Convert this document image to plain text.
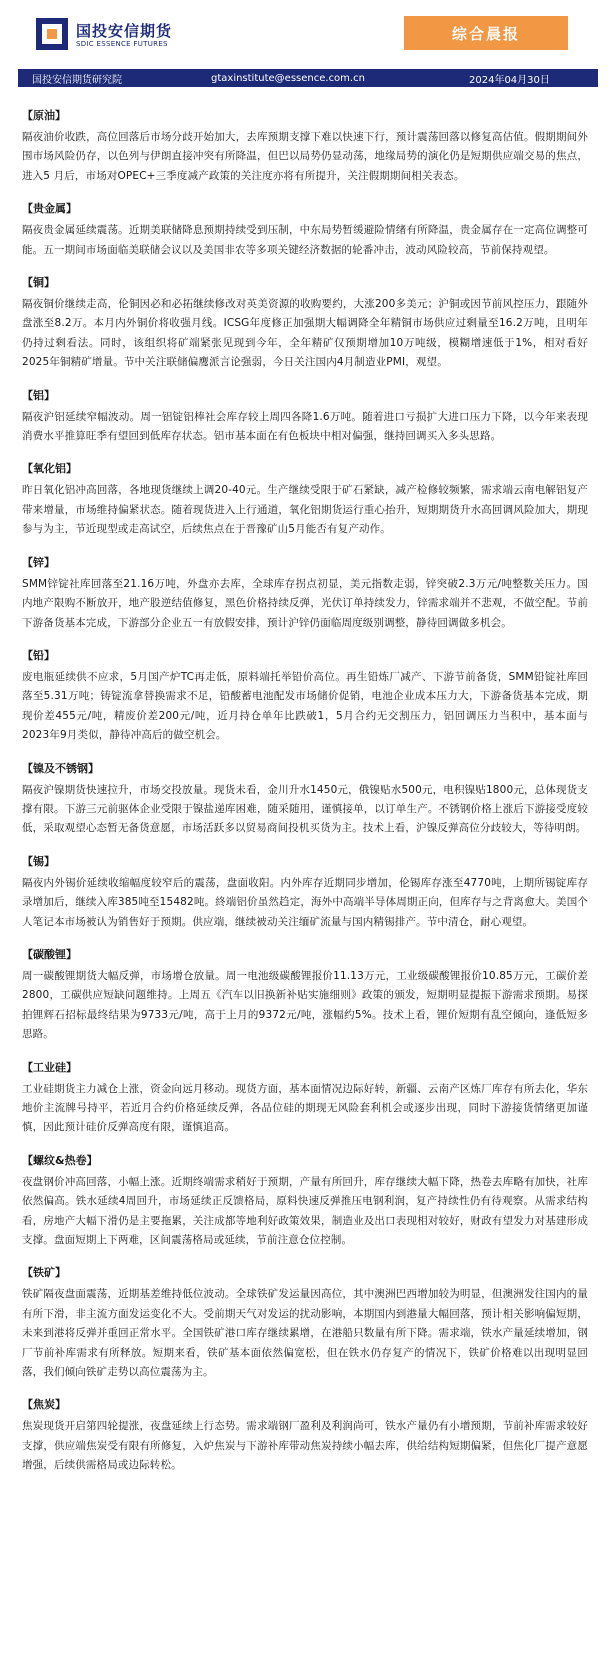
国投安信期货
SDIC ESSENCE FUTURES
综合晨报
国投安信期货研究院	gtaxinstitute@essence.com.cn	2024年04月30日
【原油】
隔夜油价收跌，高位回落后市场分歧开始加大，去库预期支撑下难以快速下行，预计震荡回落以修复高估值。假期期间外围市场风险仍存，以色列与伊朗直接冲突有所降温，但巴以局势仍显动荡，地缘局势的演化仍是短期供应端交易的焦点，进入5 月后，市场对OPEC+三季度减产政策的关注度亦将有所提升，关注假期期间相关表态。
【贵金属】
隔夜贵金属延续震荡。近期美联储降息预期持续受到压制，中东局势暂缓避险情绪有所降温，贵金属存在一定高位调整可能。五一期间市场面临美联储会议以及美国非农等多项关键经济数据的轮番冲击，波动风险较高，节前保持观望。
【铜】
隔夜铜价继续走高，伦铜因必和必拓继续修改对英美资源的收购要约，大涨200多美元；沪铜或因节前风控压力，跟随外盘涨至8.2万。本月内外铜价将收强月线。ICSG年度修正加强期大幅调降全年精铜市场供应过剩量至16.2万吨，且明年仍持过剩看法。同时，该组织将矿端紧张见现到今年，全年精矿仅预期增加10万吨级，模糊增速低于1%，相对看好2025年铜精矿增量。节中关注联储偏鹰派言论强弱，今日关注国内4月制造业PMI，观望。
【铝】
隔夜沪铝延续窄幅波动。周一铝锭铝棒社会库存较上周四各降1.6万吨。随着进口亏损扩大进口压力下降，以今年来表现消费水平推算旺季有望回到低库存状态。铝市基本面在有色板块中相对偏强，继持回调买入多头思路。
【氧化铝】
昨日氧化铝冲高回落，各地现货继续上调20-40元。生产继续受限于矿石紧缺，减产检修较频繁，需求端云南电解铝复产带来增量，市场维持偏紧状态。随着现货进入上行通道，氧化铝期货运行重心抬升，短期期货升水高回调风险加大，期现参与为主，节近现型或走高试空，后续焦点在于晋豫矿山5月能否有复产动作。
【锌】
SMM锌锭社库回落至21.16万吨，外盘亦去库，全球库存拐点初显，美元指数走弱，锌突破2.3万元/吨整数关压力。国内地产限购不断放开，地产股逆结值修复，黑色价格持续反弹，光伏订单持续发力，锌需求端并不悲观，不做空配。节前下游备货基本完成，下游部分企业五一有放假安排，预计沪锌仍面临周度级别调整，静待回调做多机会。
【铅】
废电瓶延续供不应求，5月国产炉TC再走低，原料端托举铅价高位。再生铅炼厂减产、下游节前备货，SMM铅锭社库回落至5.31万吨；铸锭流拿替换需求不足，铅酸蓄电池配发市场储价促销，电池企业成本压力大，下游备货基本完成，期现价差455元/吨，精废价差200元/吨，近月持仓单年比跌破1，5月合约无交割压力，铝回调压力当积中，基本面与2023年9月类似，静待冲高后的做空机会。
【镍及不锈钢】
隔夜沪镍期货快速拉升，市场交投放量。现货未看，金川升水1450元，俄镍贴水500元，电积镍贴1800元，总体现货支撑有限。下游三元前驱体企业受限于镍盐递库困难，随采随用，谨慎接单，以订单生产。不锈钢价格上涨后下游接受度较低，采取观望心态暂无备货意愿，市场活跃多以贸易商间投机买货为主。技术上看，沪镍反弹高位分歧较大，等待明朗。
【锡】
隔夜内外锡价延续收缩幅度较窄后的震荡，盘面收阳。内外库存近期同步增加，伦锡库存涨至4770吨，上期所锡锭库存录增加后，继续入库385吨至15482吨。終端铝价虽然趋定，海外中高端半导体周期正向，但库存与之背离愈大。美国个人笔记本市场被认为销售好于预期。供应端，继续被动关注缅矿流量与国内精锡排产。节中清仓，耐心观望。
【碳酸锂】
周一碳酸锂期货大幅反弹，市场增仓放量。周一电池级碳酸锂报价11.13万元，工业级碳酸锂报价10.85万元，工碳价差2800，工碳供应短缺问题维持。上周五《汽车以旧换新补贴实施细则》政策的颁发，短期明显提振下游需求预期。易探拍锂辉石招标最终结果为9733元/吨，高于上月的9372元/吨，涨幅约5%。技术上看，锂价短期有乱空倾向，逢低短多思路。
【工业硅】
工业硅期货主力减仓上涨，资金向远月移动。现货方面，基本面情况边际好转，新疆、云南产区炼厂库存有所去化，华东地价主流牌号持平，若近月合约价格延续反弹，各品位硅的期现无风险套利机会或逐步出现，同时下游接货情绪更加谨慎，因此预计硅价反弹高度有限，谨慎追高。
【螺纹&热卷】
夜盘钢价冲高回落，小幅上涨。近期终端需求稍好于预期，产量有所回升，库存继续大幅下降，热卷去库略有加快，社库依然偏高。铁水延续4周回升，市场延续正反馈格局，原料快速反弹推压电钢利润，复产持续性仍有待观察。从需求结构看，房地产大幅下滑仍是主要拖累，关注成都等地利好政策效果，制造业及出口表现相对较好，财政有望发力对基建形成支撑。盘面短期上下两难，区间震荡格局或延续，节前注意仓位控制。
【铁矿】
铁矿隔夜盘面震荡，近期基差维持低位波动。全球铁矿发运量因高位，其中澳洲巴西增加较为明显，但澳洲发往国内的量有所下滑，非主流方面发运变化不大。受前期天气对发运的扰动影响，本期国内到港量大幅回落，预计相关影响偏短期，未来到港将反弹并重回正常水平。全国铁矿港口库存继续累增，在港船只数量有所下降。需求端，铁水产量延续增加，钢厂节前补库需求有所释放。短期来看，铁矿基本面依然偏宽松，但在铁水仍存复产的情况下，铁矿价格难以出现明显回落，我们倾向铁矿走势以高位震荡为主。
【焦炭】
焦炭现货开启第四轮提涨，夜盘延续上行态势。需求端钢厂盈利及利润尚可，铁水产量仍有小增预期，节前补库需求较好支撑，供应端焦炭受有限有所修复，入炉焦炭与下游补库带动焦炭持续小幅去库，供给结构短期偏紧，但焦化厂提产意愿增强，后续供需格局或边际转松。
